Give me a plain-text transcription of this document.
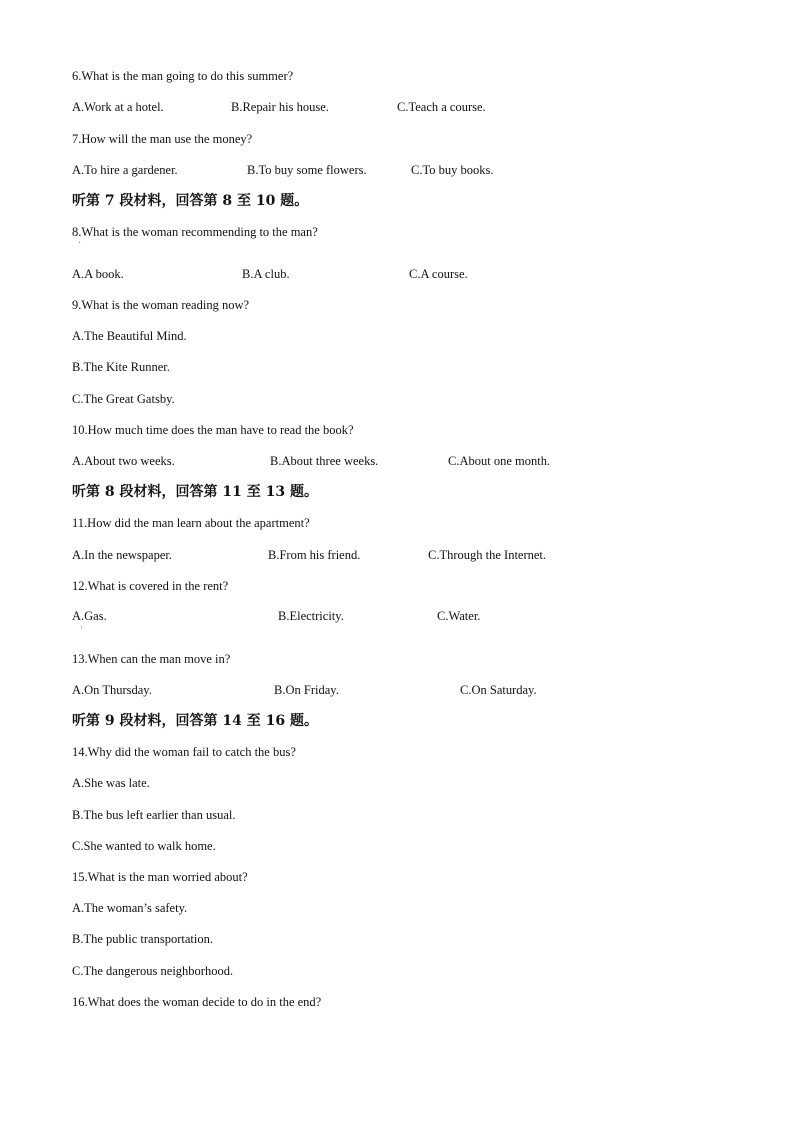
6.What is the man going to do this summer?
A.Work at a hotel.	B.Repair his house.	C.Teach a course.
7.How will the man use the money?
A.To hire a gardener.	B.To buy some flowers.	C.To buy books.
听第 7 段材料，回答第 8 至 10 题。
8.What is the woman recommending to the man?
'
A.A book.	B.A club.	C.A course.
9.What is the woman reading now?
A.The Beautiful Mind.
B.The Kite Runner.
C.The Great Gatsby.
10.How much time does the man have to read the book?
A.About two weeks.	B.About three weeks.	C.About one month.
听第 8 段材料，回答第 11 至 13 题。
11.How did the man learn about the apartment?
A.In the newspaper.	B.From his friend.	C.Through the Internet.
12.What is covered in the rent?
A.Gas.	B.Electricity.	C.Water.
'
13.When can the man move in?
A.On Thursday.	B.On Friday.	C.On Saturday.
听第 9 段材料，回答第 14 至 16 题。
14.Why did the woman fail to catch the bus?
A.She was late.
B.The bus left earlier than usual.
C.She wanted to walk home.
15.What is the man worried about?
A.The woman’s safety.
B.The public transportation.
C.The dangerous neighborhood.
16.What does the woman decide to do in the end?
